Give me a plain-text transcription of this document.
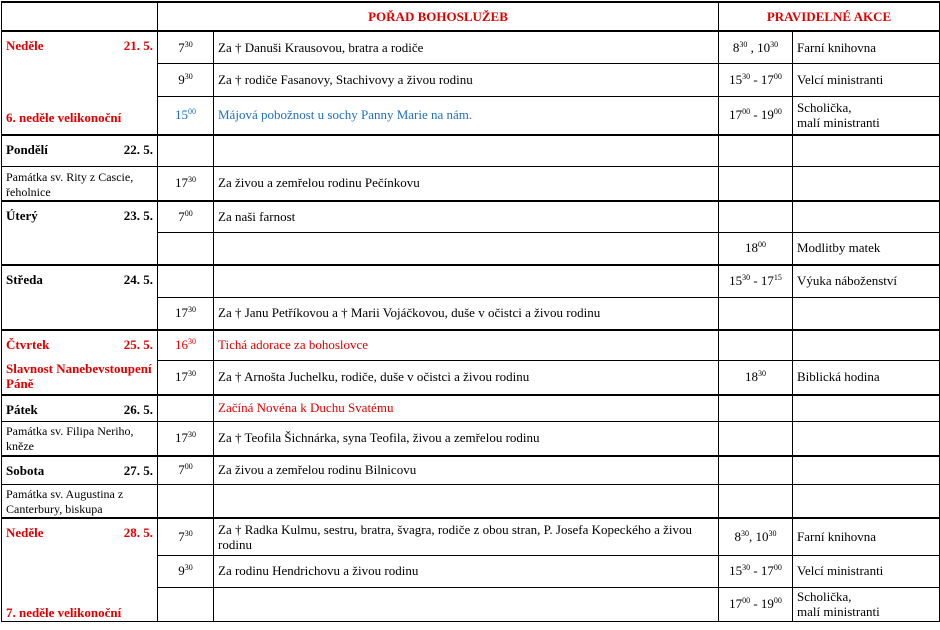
	POŘAD BOHOSLUŽEB		PRAVIDELNÉ AKCE	

Neděle 21. 5.
6. neděle velikonoční	$7^{30}$	Za † Danuši Krausovou, bratra a rodiče	$8^{30}$ , $10^{30}$	Farní knihovna
	$9^{30}$	Za † rodiče Fasanovy, Stachivovy a živou rodinu	$15^{30} - 17^{00}$	Velcí ministranti
	$15^{00}$	Májová pobožnost u sochy Panny Marie na nám.	$17^{00} - 19^{00}$	Scholička,
malí ministranti

Pondělí 22. 5.				

Památka sv. Rity z Cascie, řeholnice	$17^{30}$	Za živou a zemřelou rodinu Pečínkovu		

Úterý 23. 5.	$7^{00}$	Za naši farnost		
			$18^{00}$	Modlitby matek

Středa 24. 5.			$15^{30} - 17^{15}$	Výuka náboženství
	$17^{30}$	Za † Janu Petříkovou a † Marii Vojáčkovou, duše v očistci a živou rodinu		

Čtvrtek 25. 5.
Slavnost Nanebevstoupení Páně	$16^{30}$	Tichá adorace za bohoslovce		
	$17^{30}$	Za † Arnošta Juchelku, rodiče, duše v očistci a živou rodinu	$18^{30}$	Biblická hodina

Pátek 26. 5.		Začíná Novéna k Duchu Svatému		
Památka sv. Filipa Neriho, kněze	$17^{30}$	Za † Teofila Šichnárka, syna Teofila, živou a zemřelou rodinu		

Sobota 27. 5.	$7^{00}$	Za živou a zemřelou rodinu Bilnicovu		
Památka sv. Augustina z Canterbury, biskupa				

Neděle 28. 5.
7. neděle velikonoční	$7^{30}$	Za † Radka Kulmu, sestru, bratra, švagra, rodiče z obou stran, P. Josefa Kopeckého a živou rodinu	$8^{30}$, $10^{30}$	Farní knihovna
	$9^{30}$	Za rodinu Hendrichovu a živou rodinu	$15^{30} - 17^{00}$	Velcí ministranti
			$17^{00} - 19^{00}$	Scholička,
malí ministranti
